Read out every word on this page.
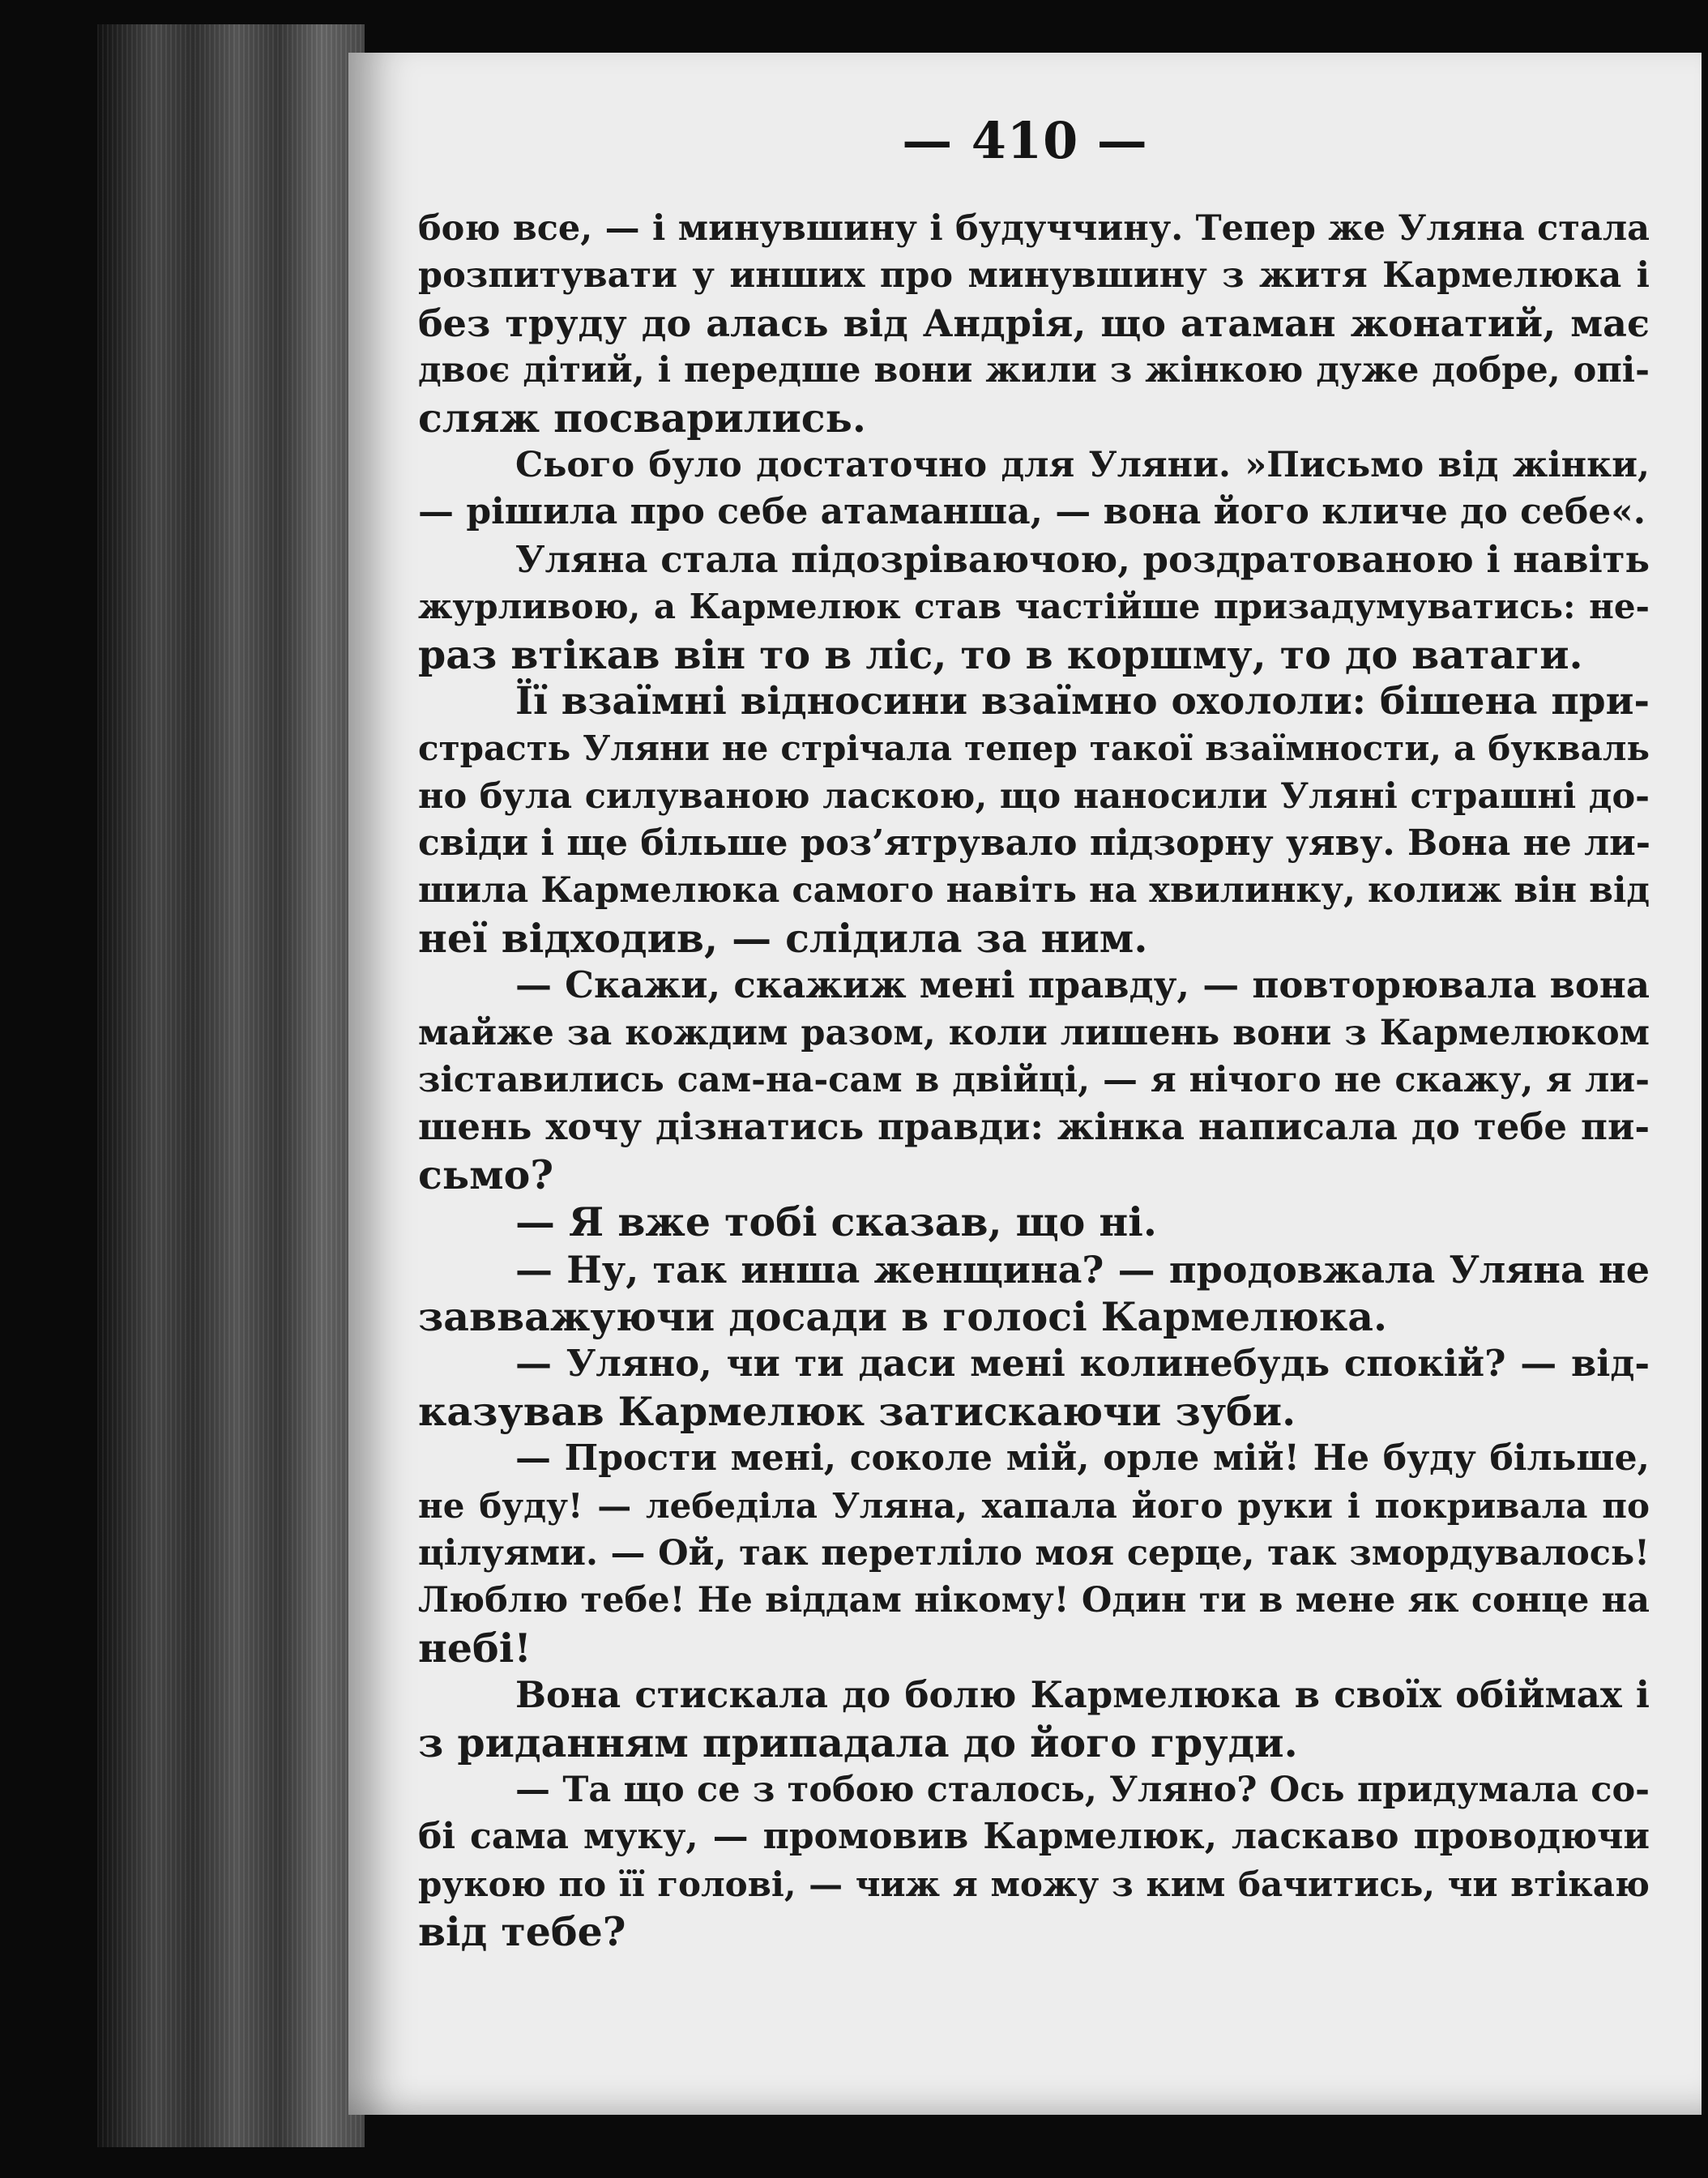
— 410 —
бою все, — і минувшину і будуччину. Тепер же Уляна стала
розпитувати у инших про минувшину з житя Кармелюка і
без труду до алась від Андрія, що атаман жонатий, має
двоє дітий, і передше вони жили з жінкою дуже добре, опі-
сляж посварились.
Сього було достаточно для Уляни. »Письмо від жінки,
— рішила про себе атаманша, — вона його кличе до себе«.
Уляна стала підозріваючою, роздратованою і навіть
журливою, а Кармелюк став частійше призадумуватись: не-
раз втікав він то в ліс, то в коршму, то до ватаги.
Її взаїмні відносини взаїмно охололи: бішена при-
страсть Уляни не стрічала тепер такої взаїмности, а букваль
но була силуваною ласкою, що наносили Уляні страшні до-
свіди і ще більше роз’ятрувало підзорну уяву. Вона не ли-
шила Кармелюка самого навіть на хвилинку, колиж він від
неї відходив, — слідила за ним.
— Скажи, скажиж мені правду, — повторювала вона
майже за кождим разом, коли лишень вони з Кармелюком
зіставились сам-на-сам в двійці, — я нічого не скажу, я ли-
шень хочу дізнатись правди: жінка написала до тебе пи-
сьмо?
— Я вже тобі сказав, що ні.
— Ну, так инша женщина? — продовжала Уляна не
завважуючи досади в голосі Кармелюка.
— Уляно, чи ти даси мені колинебудь спокій? — від-
казував Кармелюк затискаючи зуби.
— Прости мені, соколе мій, орле мій! Не буду більше,
не буду! — лебеділа Уляна, хапала його руки і покривала по
цілуями. — Ой, так перетліло моя серце, так змордувалось!
Люблю тебе! Не віддам нікому! Один ти в мене як сонце на
небі!
Вона стискала до болю Кармелюка в своїх обіймах і
з риданням припадала до його груди.
— Та що се з тобою сталось, Уляно? Ось придумала со-
бі сама муку, — промовив Кармелюк, ласкаво проводючи
рукою по її голові, — чиж я можу з ким бачитись, чи втікаю
від тебе?
